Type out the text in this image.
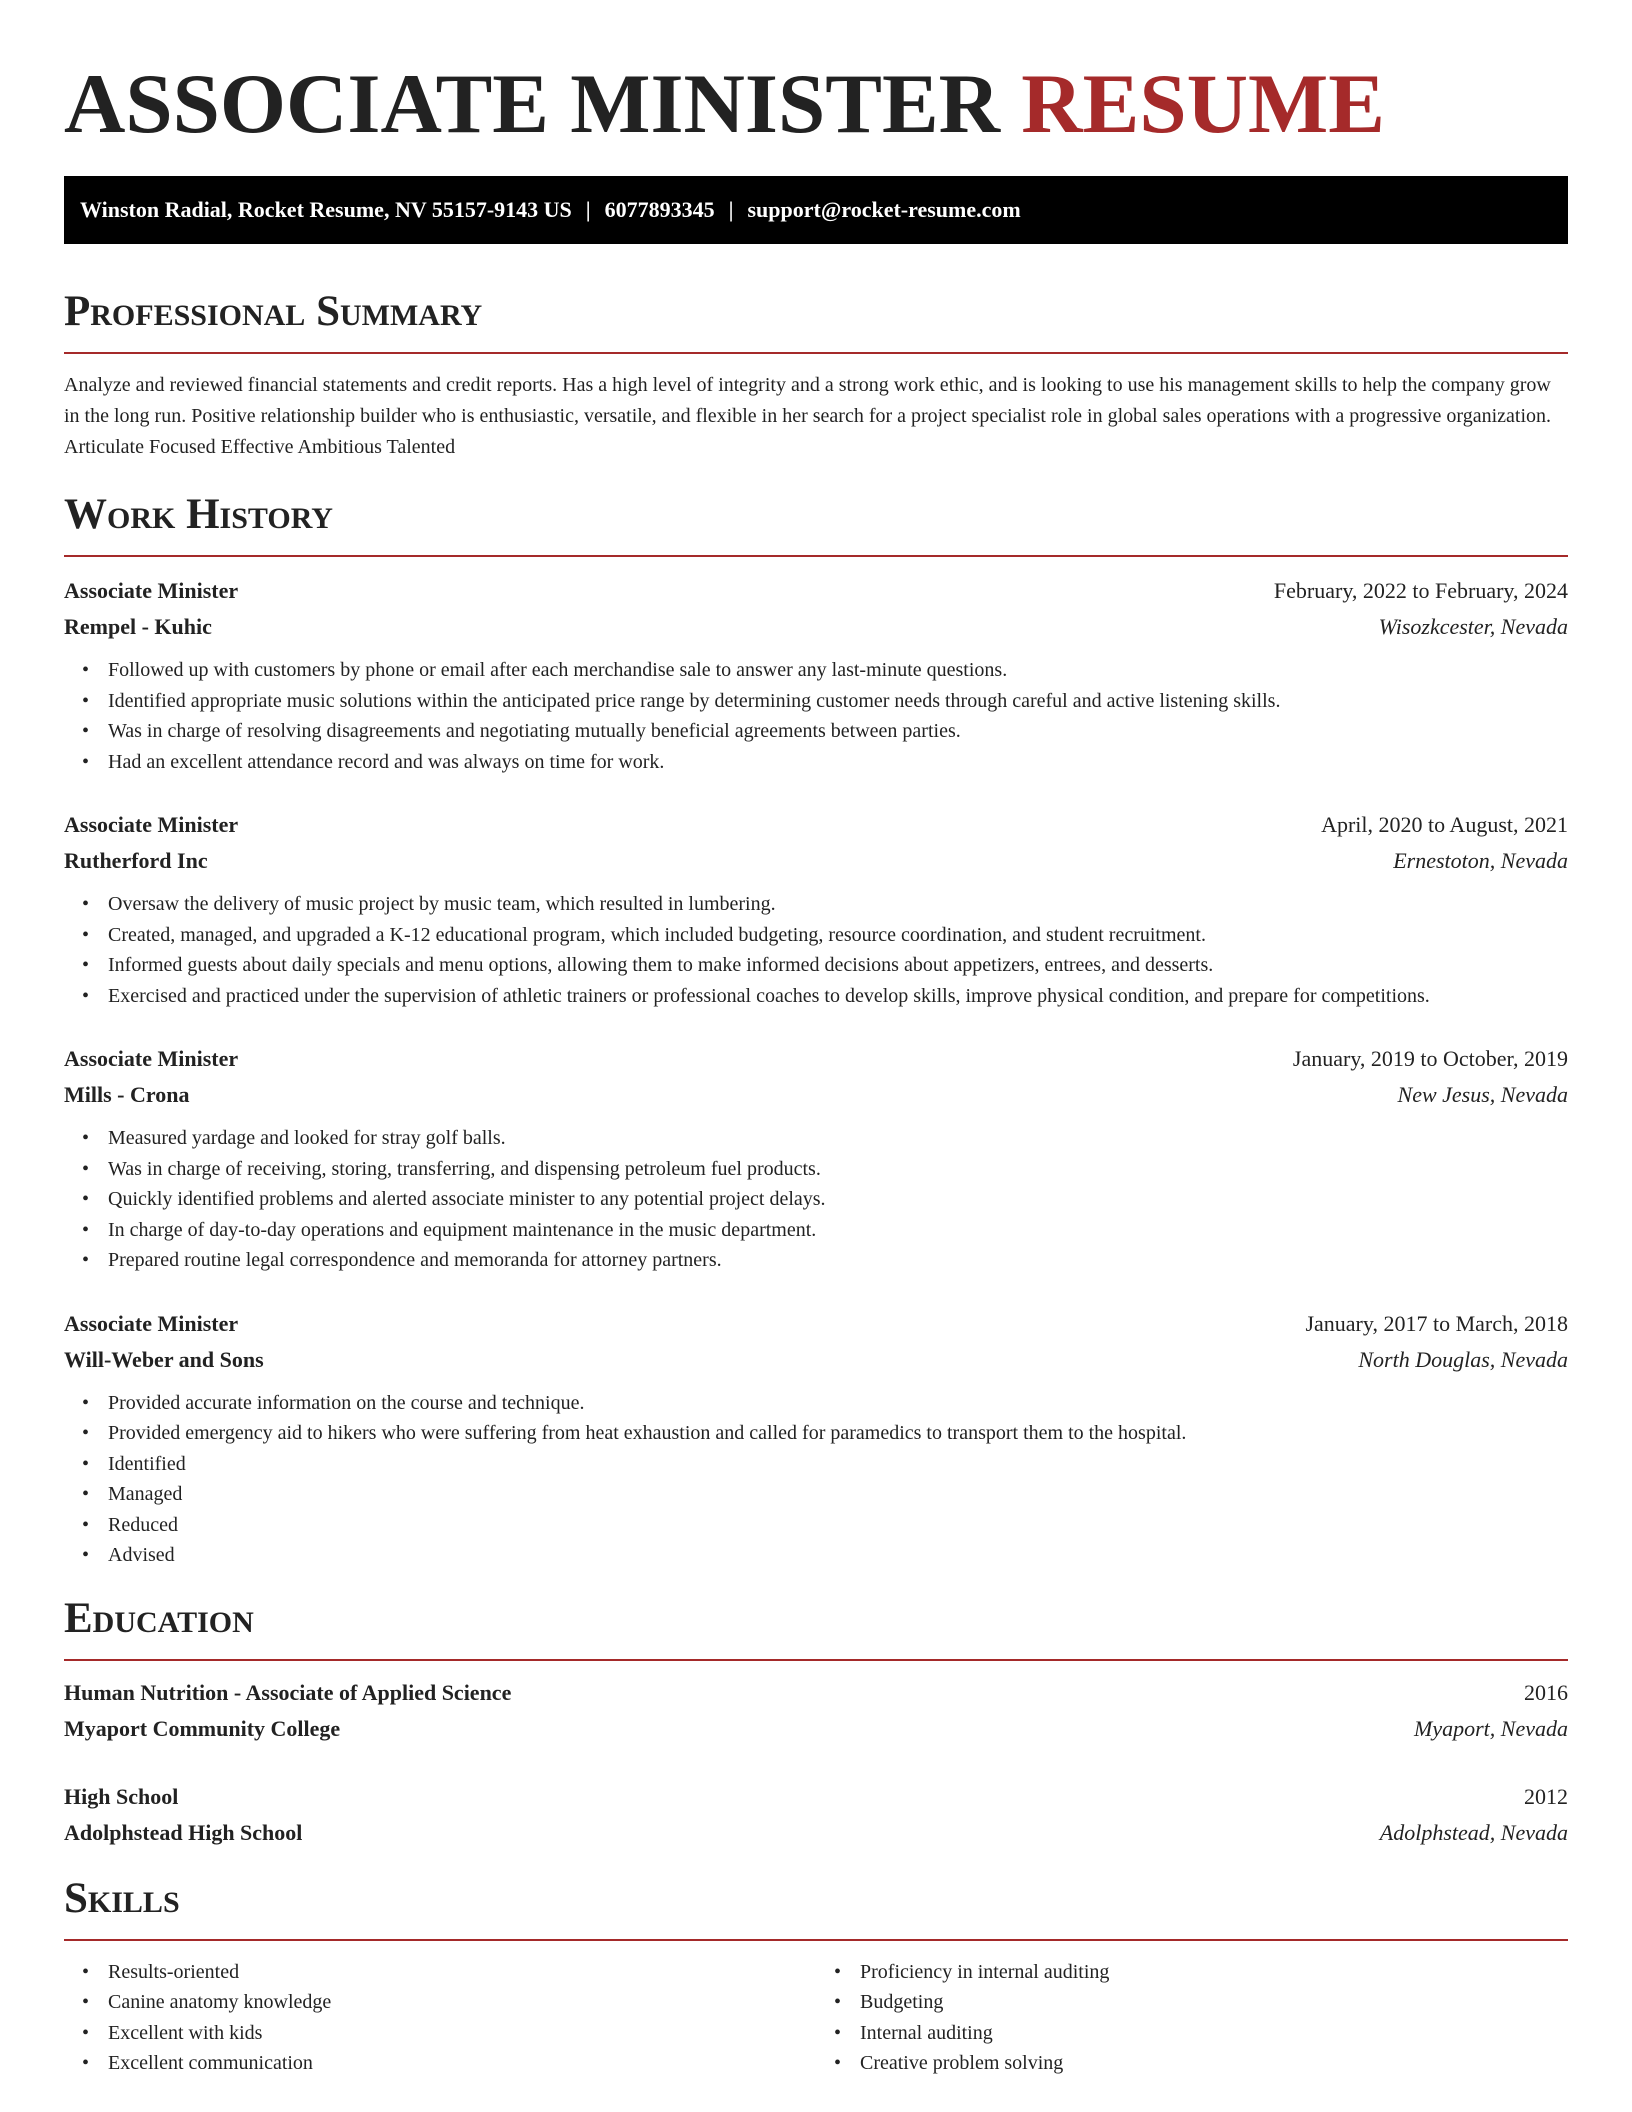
ASSOCIATE MINISTER RESUME
Winston Radial, Rocket Resume, NV 55157-9143 US | 6077893345 | support@rocket-resume.com
Professional Summary

Analyze and reviewed financial statements and credit reports. Has a high level of integrity and a strong work ethic, and is looking to use his management skills to help the company grow in the long run. Positive relationship builder who is enthusiastic, versatile, and flexible in her search for a project specialist role in global sales operations with a progressive organization. Articulate Focused Effective Ambitious Talented

Work History
Associate Minister	February, 2022 to February, 2024
Rempel - Kuhic	Wisozkcester, Nevada
• Followed up with customers by phone or email after each merchandise sale to answer any last-minute questions.
• Identified appropriate music solutions within the anticipated price range by determining customer needs through careful and active listening skills.
• Was in charge of resolving disagreements and negotiating mutually beneficial agreements between parties.
• Had an excellent attendance record and was always on time for work.
Associate Minister	April, 2020 to August, 2021
Rutherford Inc	Ernestoton, Nevada
• Oversaw the delivery of music project by music team, which resulted in lumbering.
• Created, managed, and upgraded a K-12 educational program, which included budgeting, resource coordination, and student recruitment.
• Informed guests about daily specials and menu options, allowing them to make informed decisions about appetizers, entrees, and desserts.
• Exercised and practiced under the supervision of athletic trainers or professional coaches to develop skills, improve physical condition, and prepare for competitions.
Associate Minister	January, 2019 to October, 2019
Mills - Crona	New Jesus, Nevada
• Measured yardage and looked for stray golf balls.
• Was in charge of receiving, storing, transferring, and dispensing petroleum fuel products.
• Quickly identified problems and alerted associate minister to any potential project delays.
• In charge of day-to-day operations and equipment maintenance in the music department.
• Prepared routine legal correspondence and memoranda for attorney partners.
Associate Minister	January, 2017 to March, 2018
Will-Weber and Sons	North Douglas, Nevada
• Provided accurate information on the course and technique.
• Provided emergency aid to hikers who were suffering from heat exhaustion and called for paramedics to transport them to the hospital.
• Identified
• Managed
• Reduced
• Advised
Education
Human Nutrition - Associate of Applied Science	2016
Myaport Community College	Myaport, Nevada
High School	2012
Adolphstead High School	Adolphstead, Nevada
Skills
• Results-oriented
• Canine anatomy knowledge
• Excellent with kids
• Excellent communication
• Proficiency in internal auditing
• Budgeting
• Internal auditing
• Creative problem solving
